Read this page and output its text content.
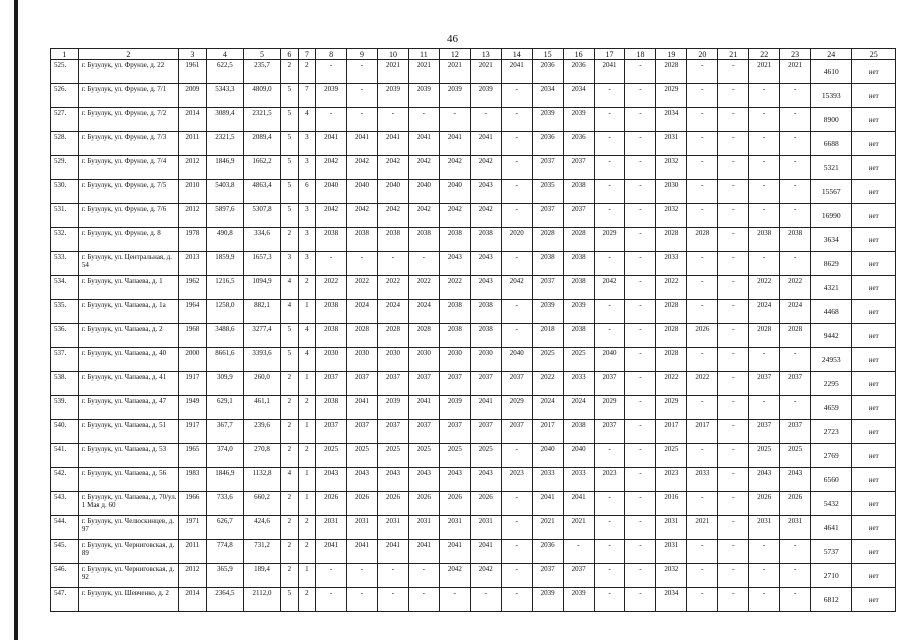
46
1	2	3	4	5	6	7	8	9	10	11	12	13	14	15	16	17	18	19	20	21	22	23	24	25
525.	г. Бузулук, ул. Фрунзе, д. 22	1961	622,5	235,7	2	2	-	-	2021	2021	2021	2021	2041	2036	2036	2041	-	2028	-	-	2021	2021	4610	нет
526.	г. Бузулук, ул. Фрунзе, д. 7/1	2009	5343,3	4809,0	5	7	2039	-	2039	2039	2039	2039	-	2034	2034	-	-	2029	-	-	-	-	15393	нет
527.	г. Бузулук, ул. Фрунзе, д. 7/2	2014	3089,4	2321,5	5	4	-	-	-	-	-	-	-	2039	2039	-	-	2034	-	-	-	-	8900	нет
528.	г. Бузулук, ул. Фрунзе, д. 7/3	2011	2321,5	2089,4	5	3	2041	2041	2041	2041	2041	2041	-	2036	2036	-	-	2031	-	-	-	-	6688	нет
529.	г. Бузулук, ул. Фрунзе, д. 7/4	2012	1846,9	1662,2	5	3	2042	2042	2042	2042	2042	2042	-	2037	2037	-	-	2032	-	-	-	-	5321	нет
530.	г. Бузулук, ул. Фрунзе, д. 7/5	2010	5403,8	4863,4	5	6	2040	2040	2040	2040	2040	2043	-	2035	2038	-	-	2030	-	-	-	-	15567	нет
531.	г. Бузулук, ул. Фрунзе, д. 7/6	2012	5897,6	5307,8	5	3	2042	2042	2042	2042	2042	2042	-	2037	2037	-	-	2032	-	-	-	-	16990	нет
532.	г. Бузулук, ул. Фрунзе, д. 8	1978	490,8	334,6	2	3	2038	2038	2038	2038	2038	2038	2020	2028	2028	2029	-	2028	2028	-	2038	2038	3634	нет
533.	г. Бузулук, ул. Центральная, д. 54	2013	1859,9	1657,3	3	3	-	-	-	-	2043	2043	-	2038	2038	-	-	2033	-	-	-	-	8629	нет
534.	г. Бузулук, ул. Чапаева, д. 1	1962	1216,5	1094,9	4	2	2022	2022	2022	2022	2022	2043	2042	2037	2038	2042	-	2022	-	-	2022	2022	4321	нет
535.	г. Бузулук, ул. Чапаева, д. 1а	1964	1258,0	882,1	4	1	2038	2024	2024	2024	2038	2038	-	2039	2039	-	-	2028	-	-	2024	2024	4468	нет
536.	г. Бузулук, ул. Чапаева, д. 2	1968	3488,6	3277,4	5	4	2038	2028	2028	2028	2038	2038	-	2018	2038	-	-	2028	2026	-	2028	2028	9442	нет
537.	г. Бузулук, ул. Чапаева, д. 40	2000	8661,6	3393,6	5	4	2030	2030	2030	2030	2030	2030	2040	2025	2025	2040	-	2028	-	-	-	-	24953	нет
538.	г. Бузулук, ул. Чапаева, д. 41	1917	309,9	260,0	2	1	2037	2037	2037	2037	2037	2037	2037	2022	2033	2037	-	2022	2022	-	2037	2037	2295	нет
539.	г. Бузулук, ул. Чапаева, д. 47	1949	629,1	461,1	2	2	2038	2041	2039	2041	2039	2041	2029	2024	2024	2029	-	2029	-	-	-	-	4659	нет
540.	г. Бузулук, ул. Чапаева, д. 51	1917	367,7	239,6	2	1	2037	2037	2037	2037	2037	2037	2037	2017	2038	2037	-	2017	2017	-	2037	2037	2723	нет
541.	г. Бузулук, ул. Чапаева, д. 53	1965	374,0	270,8	2	2	2025	2025	2025	2025	2025	2025	-	2040	2040	-	-	2025	-	-	2025	2025	2769	нет
542.	г. Бузулук, ул. Чапаева, д. 56	1983	1846,9	1132,8	4	1	2043	2043	2043	2043	2043	2043	2023	2033	2033	2023	-	2023	2033	-	2043	2043	6560	нет
543.	г. Бузулук, ул. Чапаева, д. 70/ул. 1 Мая д. 60	1966	733,6	660,2	2	1	2026	2026	2026	2026	2026	2026	-	2041	2041	-	-	2016	-	-	2026	2026	5432	нет
544.	г. Бузулук, ул. Челюскинцев, д. 97	1971	626,7	424,6	2	2	2031	2031	2031	2031	2031	2031	-	2021	2021	-	-	2031	2021	-	2031	2031	4641	нет
545.	г. Бузулук, ул. Черниговская, д. 89	2011	774,8	731,2	2	2	2041	2041	2041	2041	2041	2041	-	2036	-	-	-	2031	-	-	-	-	5737	нет
546.	г. Бузулук, ул. Черниговская, д. 92	2012	365,9	189,4	2	1	-	-	-	-	2042	2042	-	2037	2037	-	-	2032	-	-	-	-	2710	нет
547.	г. Бузулук, ул. Шевченко, д. 2	2014	2364,5	2112,0	5	2	-	-	-	-	-	-	-	2039	2039	-	-	2034	-	-	-	-	6812	нет
